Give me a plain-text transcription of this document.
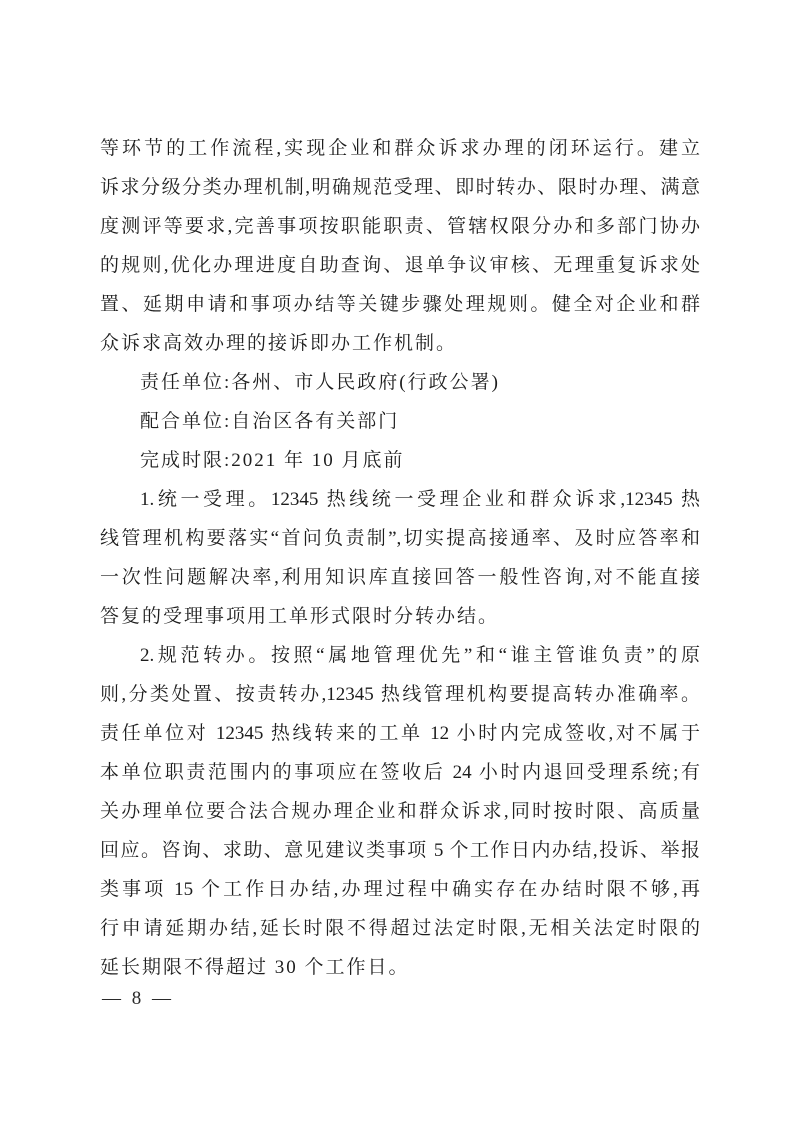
等环节的工作流程,实现企业和群众诉求办理的闭环运行。建立
诉求分级分类办理机制,明确规范受理、即时转办、限时办理、满意
度测评等要求,完善事项按职能职责、管辖权限分办和多部门协办
的规则,优化办理进度自助查询、退单争议审核、无理重复诉求处
置、延期申请和事项办结等关键步骤处理规则。健全对企业和群
众诉求高效办理的接诉即办工作机制。
责任单位:各州、市人民政府(行政公署)
配合单位:自治区各有关部门
完成时限:2021 年 10 月底前
1.统一受理。12345 热线统一受理企业和群众诉求,12345 热
线管理机构要落实“首问负责制”,切实提高接通率、及时应答率和
一次性问题解决率,利用知识库直接回答一般性咨询,对不能直接
答复的受理事项用工单形式限时分转办结。
2.规范转办。按照“属地管理优先”和“谁主管谁负责”的原
则,分类处置、按责转办,12345 热线管理机构要提高转办准确率。
责任单位对 12345 热线转来的工单 12 小时内完成签收,对不属于
本单位职责范围内的事项应在签收后 24 小时内退回受理系统;有
关办理单位要合法合规办理企业和群众诉求,同时按时限、高质量
回应。咨询、求助、意见建议类事项 5 个工作日内办结,投诉、举报
类事项 15 个工作日办结,办理过程中确实存在办结时限不够,再
行申请延期办结,延长时限不得超过法定时限,无相关法定时限的
延长期限不得超过 30 个工作日。
— 8 —
